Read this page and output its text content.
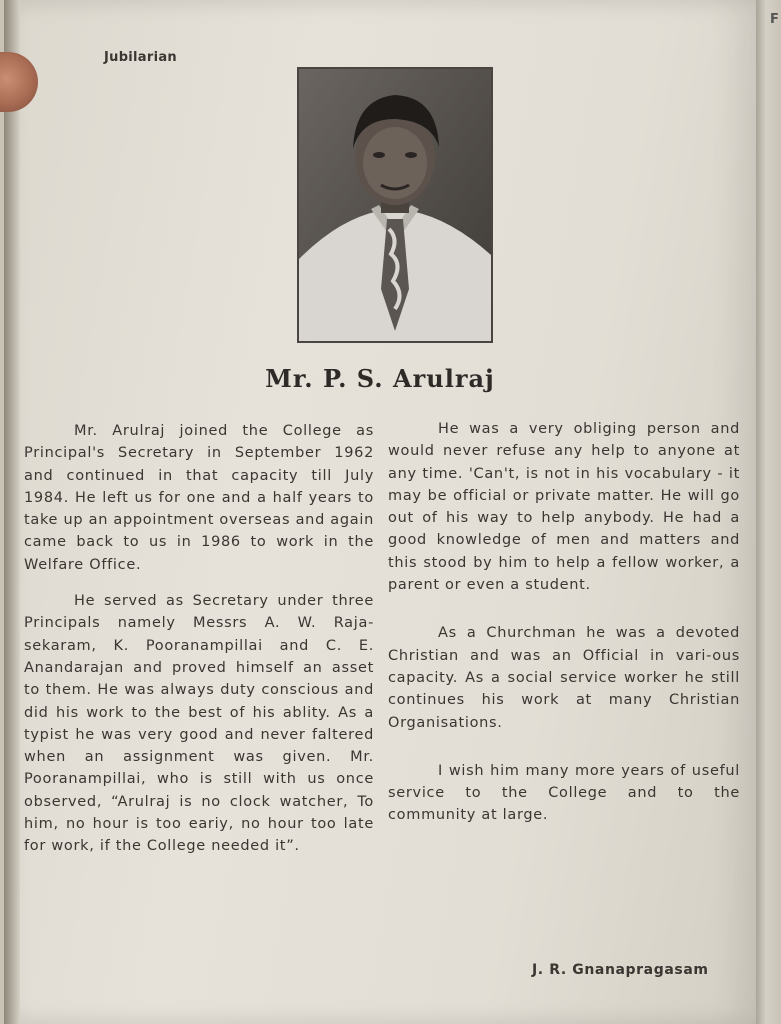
Jubilarian
Mr. P. S. Arulraj

Mr. Arulraj joined the College as Principal's Secretary in September 1962 and continued in that capacity till July 1984. He left us for one and a half years to take up an appointment overseas and again came back to us in 1986 to work in the Welfare Office.

He served as Secretary under three Principals namely Messrs A. W. Raja-sekaram, K. Pooranampillai and C. E. Anandarajan and proved himself an asset to them. He was always duty conscious and did his work to the best of his ablity. As a typist he was very good and never faltered when an assignment was given. Mr. Pooranampillai, who is still with us once observed, “Arulraj is no clock watcher, To him, no hour is too eariy, no hour too late for work, if the College needed it”.

He was a very obliging person and would never refuse any help to anyone at any time. 'Can't, is not in his vocabulary - it may be official or private matter. He will go out of his way to help anybody. He had a good knowledge of men and matters and this stood by him to help a fellow worker, a parent or even a student.

As a Churchman he was a devoted Christian and was an Official in vari-ous capacity. As a social service worker he still continues his work at many Christian Organisations.

I wish him many more years of useful service to the College and to the community at large.

J. R. Gnanapragasam
F
